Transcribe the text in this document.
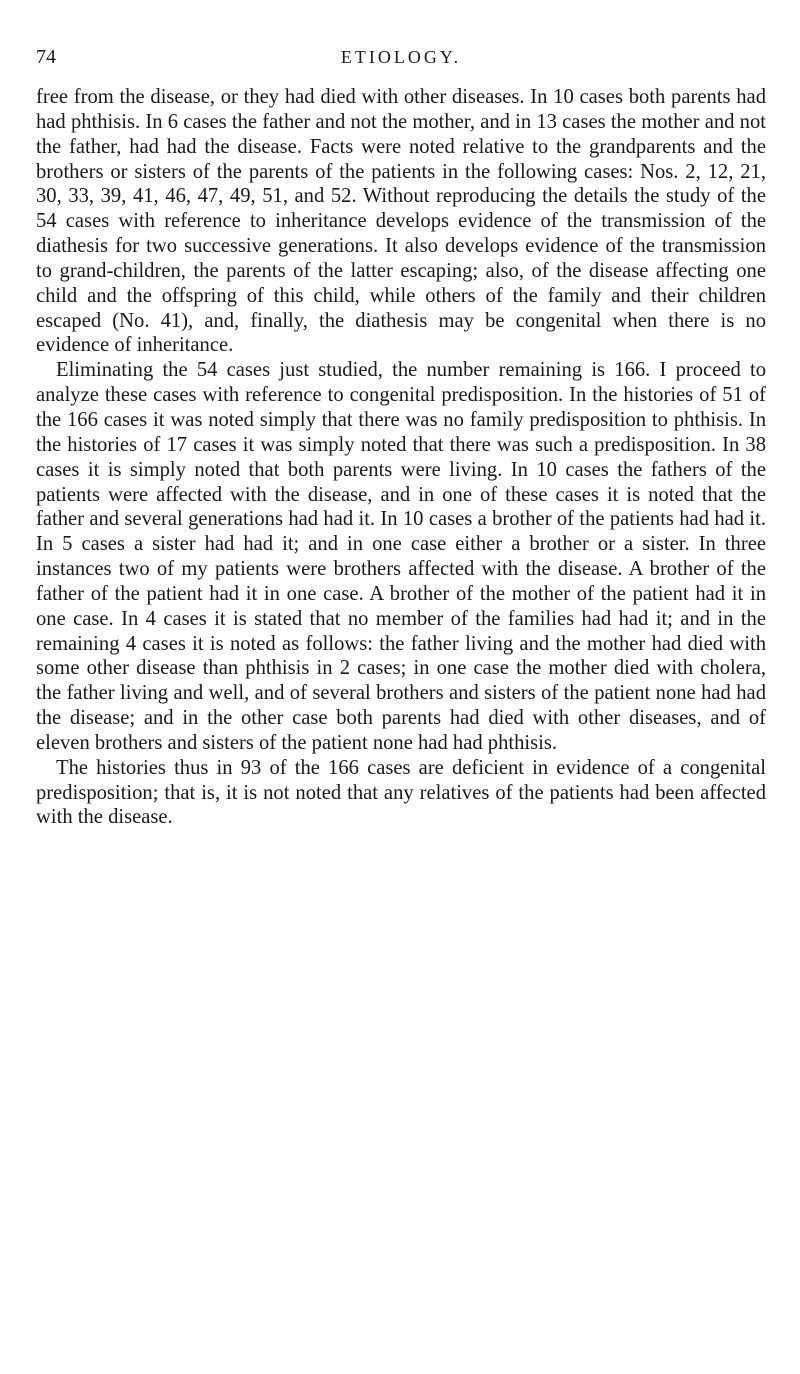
74	ETIOLOGY.

free from the disease, or they had died with other diseases. In 10 cases both parents had had phthisis. In 6 cases the father and not the mother, and in 13 cases the mother and not the father, had had the disease. Facts were noted relative to the grandparents and the brothers or sisters of the parents of the patients in the following cases: Nos. 2, 12, 21, 30, 33, 39, 41, 46, 47, 49, 51, and 52. Without reproducing the details the study of the 54 cases with reference to inheritance develops evidence of the transmission of the diathesis for two successive generations. It also develops evidence of the transmission to grand-children, the parents of the latter escaping; also, of the disease affecting one child and the offspring of this child, while others of the family and their children escaped (No. 41), and, finally, the diathesis may be congenital when there is no evidence of inheritance.

Eliminating the 54 cases just studied, the number remaining is 166. I proceed to analyze these cases with reference to congenital predisposition. In the histories of 51 of the 166 cases it was noted simply that there was no family predisposition to phthisis. In the histories of 17 cases it was simply noted that there was such a predisposition. In 38 cases it is simply noted that both parents were living. In 10 cases the fathers of the patients were affected with the disease, and in one of these cases it is noted that the father and several generations had had it. In 10 cases a brother of the patients had had it. In 5 cases a sister had had it; and in one case either a brother or a sister. In three instances two of my patients were brothers affected with the disease. A brother of the father of the patient had it in one case. A brother of the mother of the patient had it in one case. In 4 cases it is stated that no member of the families had had it; and in the remaining 4 cases it is noted as follows: the father living and the mother had died with some other disease than phthisis in 2 cases; in one case the mother died with cholera, the father living and well, and of several brothers and sisters of the patient none had had the disease; and in the other case both parents had died with other diseases, and of eleven brothers and sisters of the patient none had had phthisis.

The histories thus in 93 of the 166 cases are deficient in evidence of a congenital predisposition; that is, it is not noted that any relatives of the patients had been affected with the disease.
